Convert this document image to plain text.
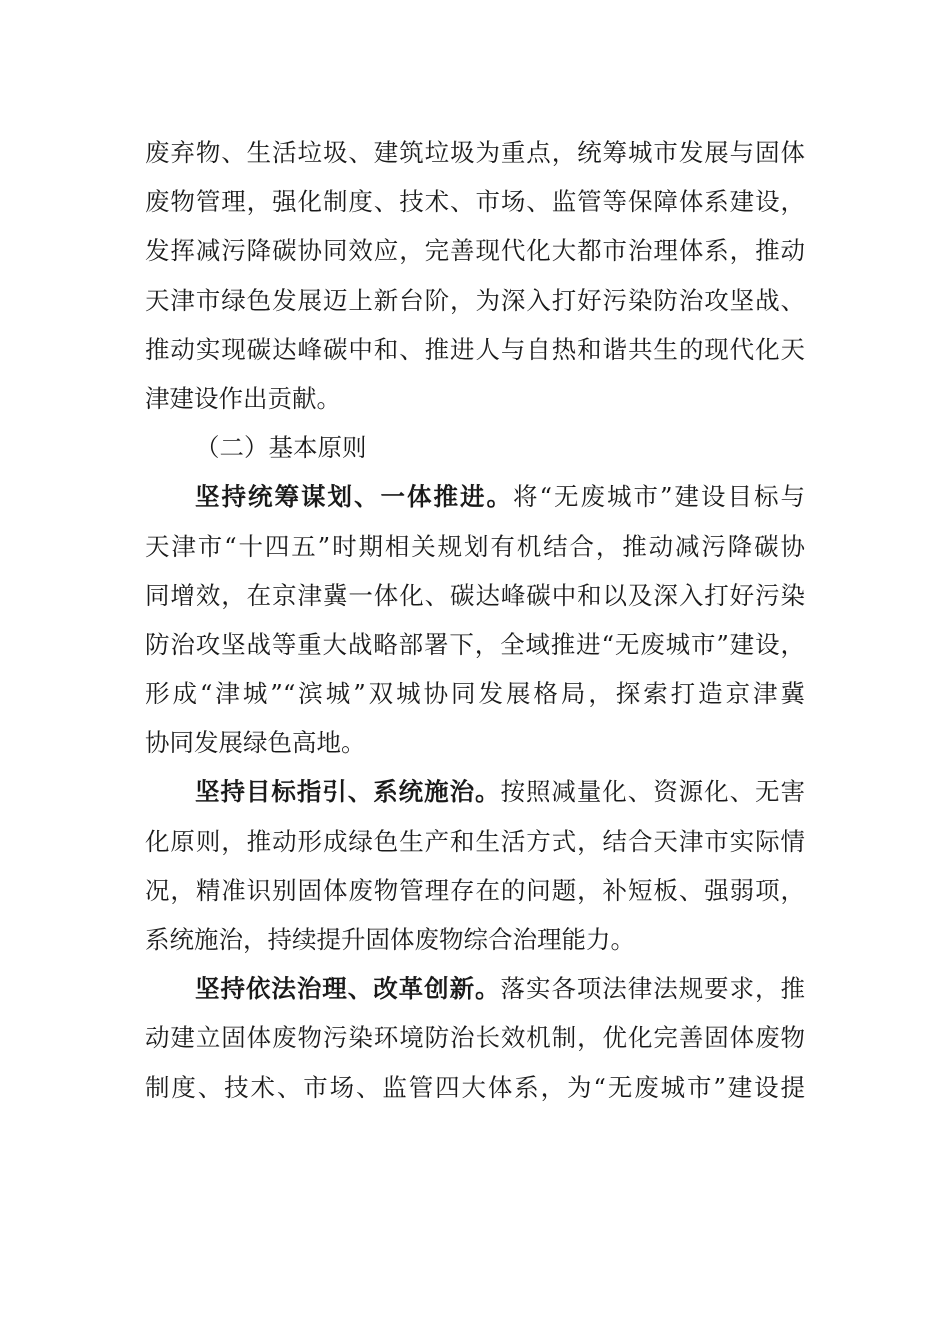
废弃物、生活垃圾、建筑垃圾为重点，统筹城市发展与固体
废物管理，强化制度、技术、市场、监管等保障体系建设，
发挥减污降碳协同效应，完善现代化大都市治理体系，推动
天津市绿色发展迈上新台阶，为深入打好污染防治攻坚战、
推动实现碳达峰碳中和、推进人与自热和谐共生的现代化天
津建设作出贡献。
（二）基本原则
坚持统筹谋划、一体推进。将“无废城市”建设目标与
天津市“十四五”时期相关规划有机结合，推动减污降碳协
同增效，在京津冀一体化、碳达峰碳中和以及深入打好污染
防治攻坚战等重大战略部署下，全域推进“无废城市”建设，
形成“津城”“滨城”双城协同发展格局，探索打造京津冀
协同发展绿色高地。
坚持目标指引、系统施治。按照减量化、资源化、无害
化原则，推动形成绿色生产和生活方式，结合天津市实际情
况，精准识别固体废物管理存在的问题，补短板、强弱项，
系统施治，持续提升固体废物综合治理能力。
坚持依法治理、改革创新。落实各项法律法规要求，推
动建立固体废物污染环境防治长效机制，优化完善固体废物
制度、技术、市场、监管四大体系，为“无废城市”建设提
